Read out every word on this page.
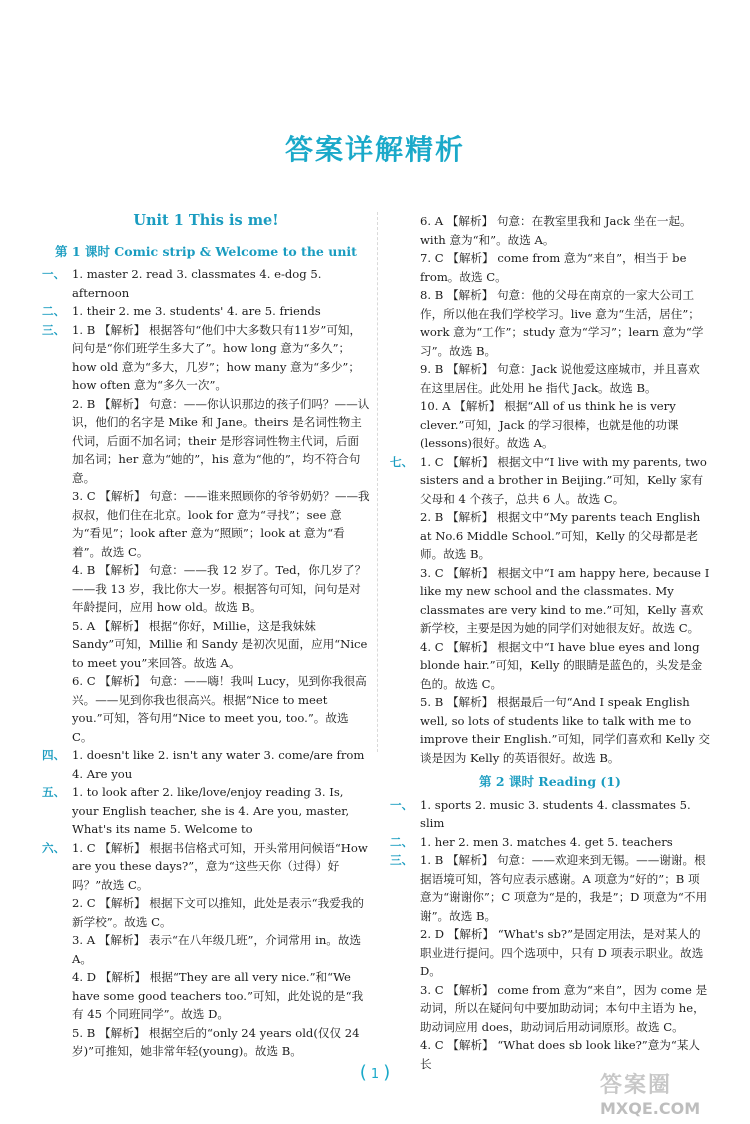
答案详解精析
Unit 1 This is me!
第 1 课时 Comic strip & Welcome to the unit
一、 1. master 2. read 3. classmates 4. e-dog 5. afternoon
二、 1. their 2. me 3. students' 4. are 5. friends
三、 1. B 【解析】 根据答句“他们中大多数只有11岁”可知，问句是“你们班学生多大了”。how long 意为“多久”；how old 意为“多大，几岁”；how many 意为“多少”；how often 意为“多久一次”。
2. B 【解析】 句意：——你认识那边的孩子们吗？——认识，他们的名字是 Mike 和 Jane。theirs 是名词性物主代词，后面不加名词；their 是形容词性物主代词，后面加名词；her 意为“她的”，his 意为“他的”，均不符合句意。
3. C 【解析】 句意：——谁来照顾你的爷爷奶奶？——我叔叔，他们住在北京。look for 意为“寻找”；see 意为“看见”；look after 意为“照顾”；look at 意为“看着”。故选 C。
4. B 【解析】 句意：——我 12 岁了。Ted，你几岁了？——我 13 岁，我比你大一岁。根据答句可知，问句是对年龄提问，应用 how old。故选 B。
5. A 【解析】 根据“你好，Millie，这是我妹妹 Sandy”可知，Millie 和 Sandy 是初次见面，应用“Nice to meet you”来回答。故选 A。
6. C 【解析】 句意：——嗨！我叫 Lucy，见到你我很高兴。——见到你我也很高兴。根据“Nice to meet you.”可知，答句用“Nice to meet you, too.”。故选 C。
四、 1. doesn't like 2. isn't any water 3. come/are from 4. Are you
五、 1. to look after 2. like/love/enjoy reading 3. Is, your English teacher, she is 4. Are you, master, What's its name 5. Welcome to
六、 1. C 【解析】 根据书信格式可知，开头常用问候语“How are you these days?”，意为“这些天你（过得）好吗？”故选 C。
2. C 【解析】 根据下文可以推知，此处是表示“我爱我的新学校”。故选 C。
3. A 【解析】 表示“在八年级几班”，介词常用 in。故选 A。
4. D 【解析】 根据“They are all very nice.”和“We have some good teachers too.”可知，此处说的是“我有 45 个同班同学”。故选 D。
5. B 【解析】 根据空后的“only 24 years old(仅仅 24 岁)”可推知，她非常年轻(young)。故选 B。
6. A 【解析】 句意：在教室里我和 Jack 坐在一起。with 意为“和”。故选 A。
7. C 【解析】 come from 意为“来自”，相当于 be from。故选 C。
8. B 【解析】 句意：他的父母在南京的一家大公司工作，所以他在我们学校学习。live 意为“生活，居住”；work 意为“工作”；study 意为“学习”；learn 意为“学习”。故选 B。
9. B 【解析】 句意：Jack 说他爱这座城市，并且喜欢在这里居住。此处用 he 指代 Jack。故选 B。
10. A 【解析】 根据“All of us think he is very clever.”可知，Jack 的学习很棒，也就是他的功课(lessons)很好。故选 A。
七、 1. C 【解析】 根据文中“I live with my parents, two sisters and a brother in Beijing.”可知，Kelly 家有父母和 4 个孩子，总共 6 人。故选 C。
2. B 【解析】 根据文中“My parents teach English at No.6 Middle School.”可知，Kelly 的父母都是老师。故选 B。
3. C 【解析】 根据文中“I am happy here, because I like my new school and the classmates. My classmates are very kind to me.”可知，Kelly 喜欢新学校，主要是因为她的同学们对她很友好。故选 C。
4. C 【解析】 根据文中“I have blue eyes and long blonde hair.”可知，Kelly 的眼睛是蓝色的，头发是金色的。故选 C。
5. B 【解析】 根据最后一句“And I speak English well, so lots of students like to talk with me to improve their English.”可知，同学们喜欢和 Kelly 交谈是因为 Kelly 的英语很好。故选 B。
第 2 课时 Reading (1)
一、 1. sports 2. music 3. students 4. classmates 5. slim
二、 1. her 2. men 3. matches 4. get 5. teachers
三、 1. B 【解析】 句意：——欢迎来到无锡。——谢谢。根据语境可知，答句应表示感谢。A 项意为“好的”；B 项意为“谢谢你”；C 项意为“是的，我是”；D 项意为“不用谢”。故选 B。
2. D 【解析】 “What's sb?”是固定用法，是对某人的职业进行提问。四个选项中，只有 D 项表示职业。故选 D。
3. C 【解析】 come from 意为“来自”，因为 come 是动词，所以在疑问句中要加助动词；本句中主语为 he，助动词应用 does，助动词后用动词原形。故选 C。
4. C 【解析】 “What does sb look like?”意为“某人长
( 1 )
答案圈
MXQE.COM
